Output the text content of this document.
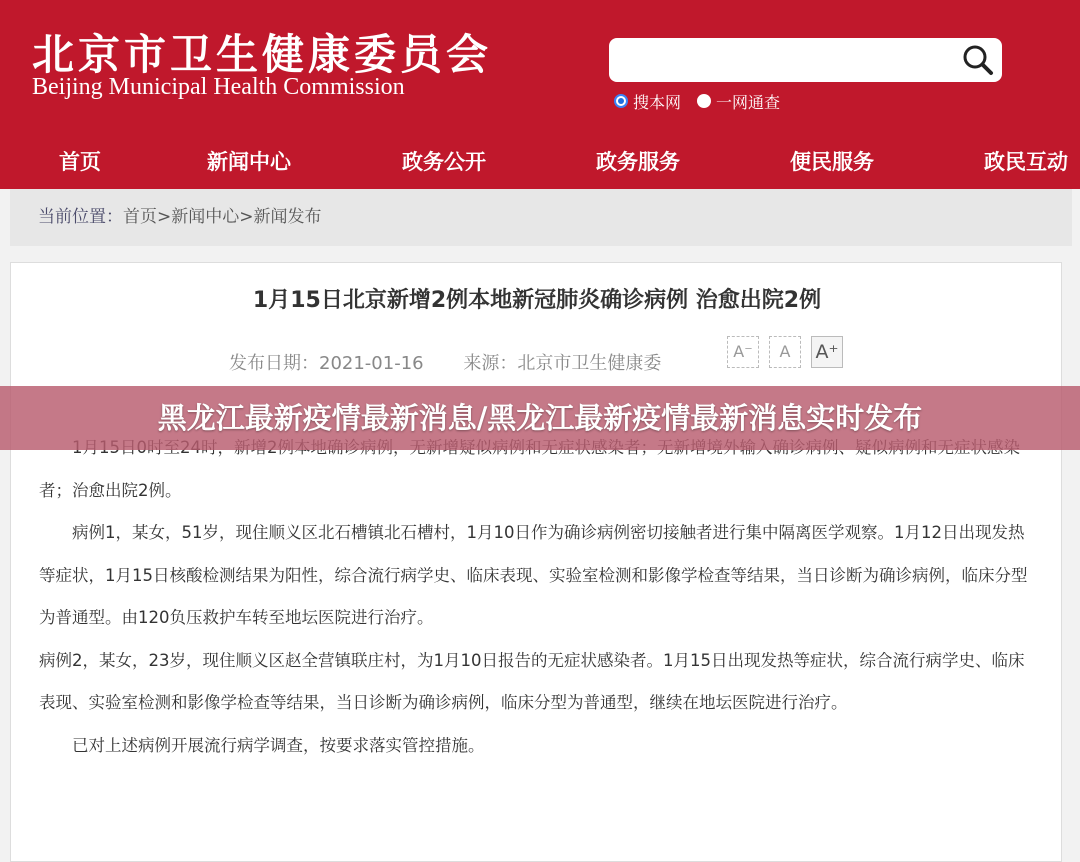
北京市卫生健康委员会
Beijing Municipal Health Commission
搜本网 一网通查
首页	新闻中心	政务公开	政务服务	便民服务	政民互动
当前位置：首页>新闻中心>新闻发布
1月15日北京新增2例本地新冠肺炎确诊病例 治愈出院2例
发布日期：2021-01-16 来源：北京市卫生健康委
A⁻	A	A⁺

者；治愈出院2例。

病例1，某女，51岁，现住顺义区北石槽镇北石槽村，1月10日作为确诊病例密切接触者进行集中隔离医学观察。1月12日出现发热等症状，1月15日核酸检测结果为阳性，综合流行病学史、临床表现、实验室检测和影像学检查等结果，当日诊断为确诊病例，临床分型为普通型。由120负压救护车转至地坛医院进行治疗。

病例2，某女，23岁，现住顺义区赵全营镇联庄村，为1月10日报告的无症状感染者。1月15日出现发热等症状，综合流行病学史、临床表现、实验室检测和影像学检查等结果，当日诊断为确诊病例，临床分型为普通型，继续在地坛医院进行治疗。

已对上述病例开展流行病学调查，按要求落实管控措施。

黑龙江最新疫情最新消息/黑龙江最新疫情最新消息实时发布
